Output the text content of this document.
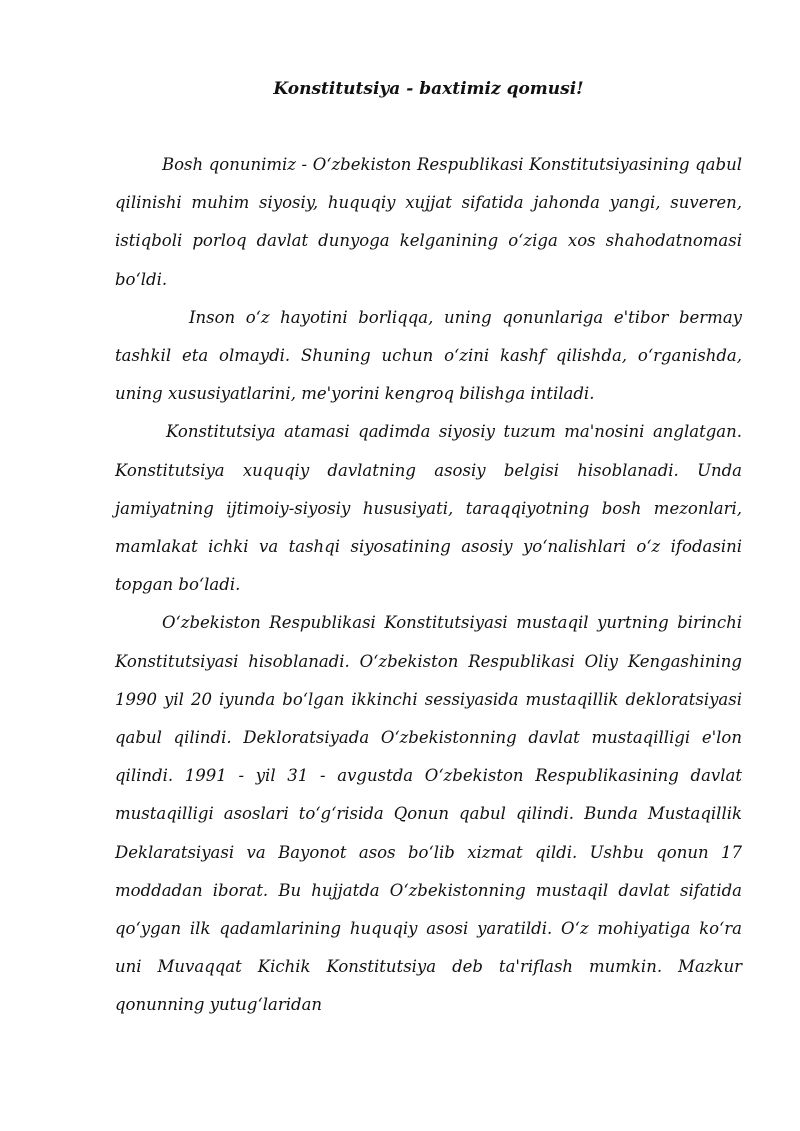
Konstitutsiya - baxtimiz qomusi!

Bosh qonunimiz - O‘zbekiston Respublikasi Konstitutsiyasining qabul qilinishi muhim siyosiy, huquqiy xujjat sifatida jahonda yangi, suveren, istiqboli porloq davlat dunyoga kelganining o‘ziga xos shahodatnomasi bo‘ldi.

Inson o‘z hayotini borliqqa, uning qonunlariga e'tibor bermay tashkil eta olmaydi. Shuning uchun o‘zini kashf qilishda, o‘rganishda, uning xususiyatlarini, me'yorini kengroq bilishga intiladi.

Konstitutsiya atamasi qadimda siyosiy tuzum ma'nosini anglatgan. Konstitutsiya xuquqiy davlatning asosiy belgisi hisoblanadi. Unda jamiyatning ijtimoiy-siyosiy hususiyati, taraqqiyotning bosh mezonlari, mamlakat ichki va tashqi siyosatining asosiy yo‘nalishlari o‘z ifodasini topgan bo‘ladi.

O‘zbekiston Respublikasi Konstitutsiyasi mustaqil yurtning birinchi Konstitutsiyasi hisoblanadi. O‘zbekiston Respublikasi Oliy Kengashining 1990 yil 20 iyunda bo‘lgan ikkinchi sessiyasida mustaqillik dekloratsiyasi qabul qilindi. Dekloratsiyada O‘zbekistonning davlat mustaqilligi e'lon qilindi. 1991 - yil 31 - avgustda O‘zbekiston Respublikasining davlat mustaqilligi asoslari to‘g‘risida Qonun qabul qilindi. Bunda Mustaqillik Deklaratsiyasi va Bayonot asos bo‘lib xizmat qildi. Ushbu qonun 17 moddadan iborat. Bu hujjatda O‘zbekistonning mustaqil davlat sifatida qo‘ygan ilk qadamlarining huquqiy asosi yaratildi. O‘z mohiyatiga ko‘ra uni Muvaqqat Kichik Konstitutsiya deb ta'riflash mumkin. Mazkur qonunning yutug‘laridan
